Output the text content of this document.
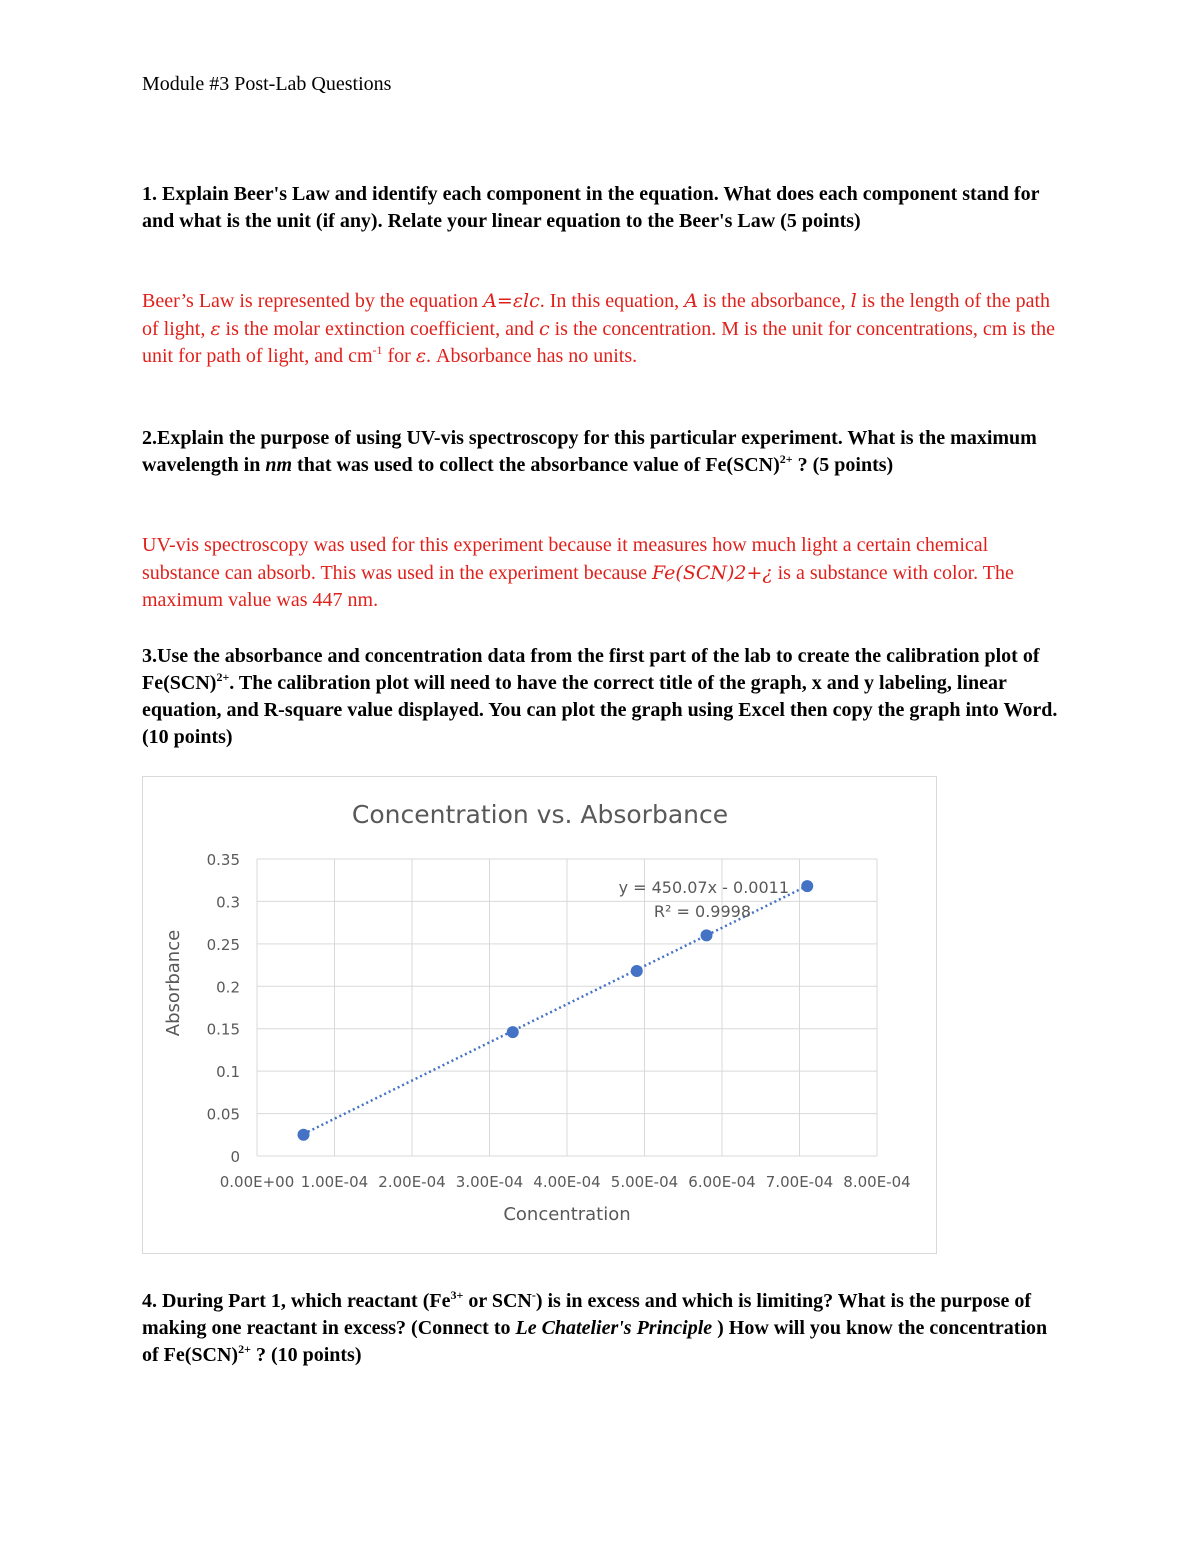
Module #3 Post-Lab Questions
1. Explain Beer's Law and identify each component in the equation. What does each component stand for and what is the unit (if any). Relate your linear equation to the Beer's Law (5 points)
Beer’s Law is represented by the equation A=εlc. In this equation, A is the absorbance, l is the length of the path of light, ε is the molar extinction coefficient, and c is the concentration. M is the unit for concentrations, cm is the unit for path of light, and $cm^{-1}$ for ε. Absorbance has no units.
2.Explain the purpose of using UV-vis spectroscopy for this particular experiment. What is the maximum wavelength in nm that was used to collect the absorbance value of Fe(SCN)$^{2+}$ ? (5 points)
UV-vis spectroscopy was used for this experiment because it measures how much light a certain chemical substance can absorb. This was used in the experiment because Fe(SCN)2+¿ is a substance with color. The maximum value was 447 nm.
3.Use the absorbance and concentration data from the first part of the lab to create the calibration plot of Fe(SCN)$^{2+}$. The calibration plot will need to have the correct title of the graph, x and y labeling, linear equation, and R-square value displayed. You can plot the graph using Excel then copy the graph into Word. (10 points)
Concentration vs. Absorbance
Absorbance
Concentration
0.00E+00 1.00E-04 2.00E-04 3.00E-04 4.00E-04 5.00E-04 6.00E-04 7.00E-04 8.00E-04
0
0.05
0.1
0.15
0.2
0.25
0.3
0.35
y = 450.07x - 0.0011
R² = 0.9998
4. During Part 1, which reactant ($Fe^{3+}$ or SCN-) is in excess and which is limiting? What is the purpose of making one reactant in excess? (Connect to Le Chatelier's Principle ) How will you know the concentration of Fe(SCN)$^{2+}$ ? (10 points)
